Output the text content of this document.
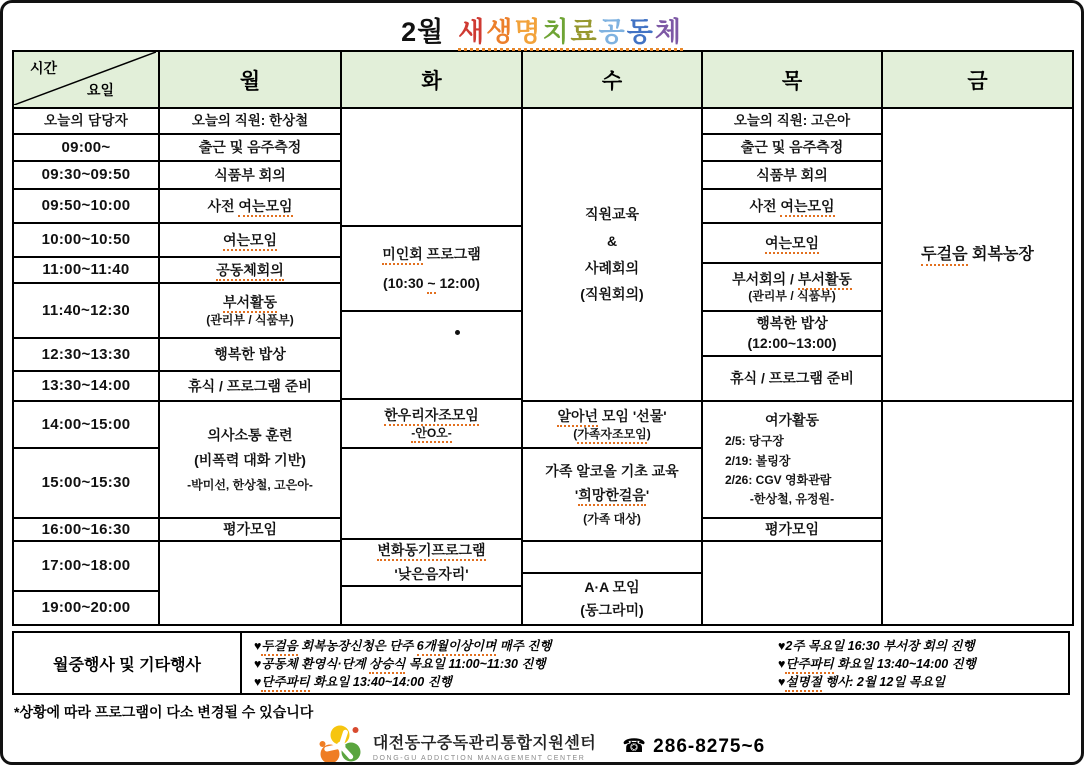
2월 새생명치료공동체
시간
요일
오늘의 담당자
09:00~
09:30~09:50
09:50~10:00
10:00~10:50
11:00~11:40
11:40~12:30
12:30~13:30
13:30~14:00
14:00~15:00
15:00~15:30
16:00~16:30
17:00~18:00
19:00~20:00
월
오늘의 직원: 한상철
출근 및 음주측정
식품부 회의
사전 여는모임
여는모임
공동체회의
부서활동
(관리부 / 식품부)
행복한 밥상
휴식 / 프로그램 준비
의사소통 훈련
(비폭력 대화 기반)
-박미선, 한상철, 고은아-
평가모임
화
미인회 프로그램
(10:30 ~ 12:00)
한우리자조모임
-안O오-
변화동기프로그램
'낮은음자리'
수
직원교육
&
사례회의
(직원회의)
알아넌 모임 '선물'
(가족자조모임)
가족 알코올 기초 교육
'희망한걸음'
(가족 대상)
A·A 모임
(동그라미)
목
오늘의 직원: 고은아
출근 및 음주측정
식품부 회의
사전 여는모임
여는모임
부서회의 / 부서활동
(관리부 / 식품부)
행복한 밥상
(12:00~13:00)
휴식 / 프로그램 준비
여가활동
2/5: 당구장
2/19: 볼링장
2/26: CGV 영화관람
-한상철, 유정원-
평가모임
금
두걸음 회복농장
월중행사 및 기타행사
♥두걸음 회복농장신청은 단주 6개월이상이며 매주 진행
♥공동체 환영식·단계 상승식 목요일 11:00~11:30 진행
♥단주파티 화요일 13:40~14:00 진행
♥2주 목요일 16:30 부서장 회의 진행
♥단주파티 화요일 13:40~14:00 진행
♥설명절 행사: 2월 12일 목요일
*상황에 따라 프로그램이 다소 변경될 수 있습니다
대전동구중독관리통합지원센터
DONG-GU ADDICTION MANAGEMENT CENTER
☎ 286-8275~6
